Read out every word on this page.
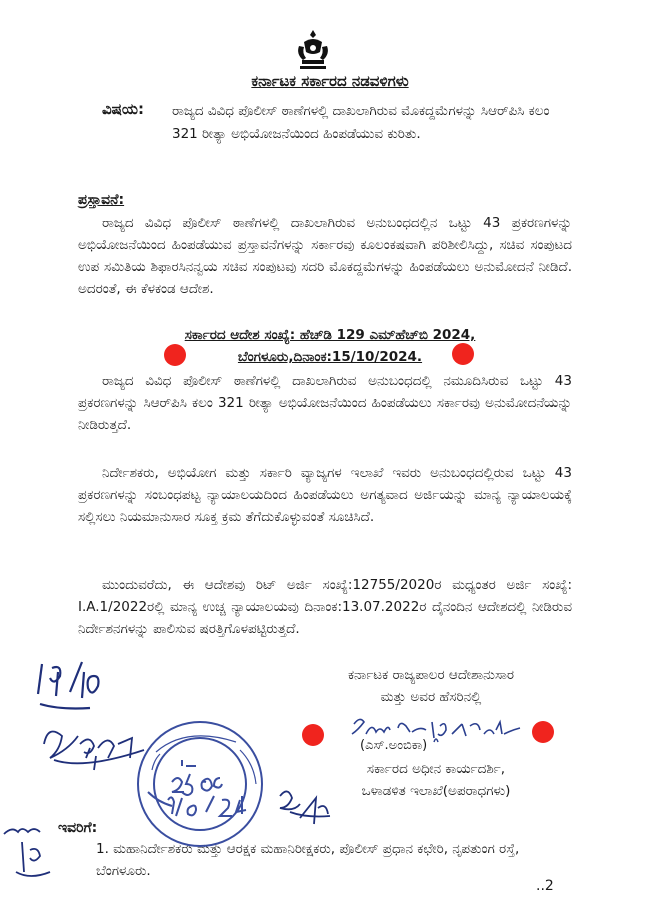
ಕರ್ನಾಟಕ ಸರ್ಕಾರದ ನಡವಳಿಗಳು
ವಿಷಯ: ರಾಜ್ಯದ ವಿವಿಧ ಪೊಲೀಸ್ ಠಾಣೆಗಳಲ್ಲಿ ದಾಖಲಾಗಿರುವ ಮೊಕದ್ದಮೆಗಳನ್ನು ಸಿಆರ್‌ಪಿಸಿ ಕಲಂ 321 ರೀತ್ಯಾ ಅಭಿಯೋಜನೆಯಿಂದ ಹಿಂಪಡೆಯುವ ಕುರಿತು.
ಪ್ರಸ್ತಾವನೆ:
ರಾಜ್ಯದ ವಿವಿಧ ಪೊಲೀಸ್ ಠಾಣೆಗಳಲ್ಲಿ ದಾಖಲಾಗಿರುವ ಅನುಬಂಧದಲ್ಲಿನ ಒಟ್ಟು 43 ಪ್ರಕರಣಗಳನ್ನು ಅಭಿಯೋಜನೆಯಿಂದ ಹಿಂಪಡೆಯುವ ಪ್ರಸ್ತಾವನೆಗಳನ್ನು ಸರ್ಕಾರವು ಕೂಲಂಕಷವಾಗಿ ಪರಿಶೀಲಿಸಿದ್ದು, ಸಚಿವ ಸಂಪುಟದ ಉಪ ಸಮಿತಿಯ ಶಿಫಾರಸಿನನ್ವಯ ಸಚಿವ ಸಂಪುಟವು ಸದರಿ ಮೊಕದ್ದಮೆಗಳನ್ನು ಹಿಂಪಡೆಯಲು ಅನುಮೋದನೆ ನೀಡಿದೆ. ಅದರಂತೆ, ಈ ಕೆಳಕಂಡ ಆದೇಶ.
ಸರ್ಕಾರದ ಆದೇಶ ಸಂಖ್ಯೆ: ಹೆಚ್‌ಡಿ 129 ಎಮ್‌ಹೆಚ್‌ಬಿ 2024,
ಬೆಂಗಳೂರು,ದಿನಾಂಕ:15/10/2024.
ರಾಜ್ಯದ ವಿವಿಧ ಪೊಲೀಸ್ ಠಾಣೆಗಳಲ್ಲಿ ದಾಖಲಾಗಿರುವ ಅನುಬಂಧದಲ್ಲಿ ನಮೂದಿಸಿರುವ ಒಟ್ಟು 43 ಪ್ರಕರಣಗಳನ್ನು ಸಿಆರ್‌ಪಿಸಿ ಕಲಂ 321 ರೀತ್ಯಾ ಅಭಿಯೋಜನೆಯಿಂದ ಹಿಂಪಡೆಯಲು ಸರ್ಕಾರವು ಅನುಮೋದನೆಯನ್ನು ನೀಡಿರುತ್ತದೆ.
ನಿರ್ದೇಶಕರು, ಅಭಿಯೋಗ ಮತ್ತು ಸರ್ಕಾರಿ ವ್ಯಾಜ್ಯಗಳ ಇಲಾಖೆ ಇವರು ಅನುಬಂಧದಲ್ಲಿರುವ ಒಟ್ಟು 43 ಪ್ರಕರಣಗಳನ್ನು ಸಂಬಂಧಪಟ್ಟ ನ್ಯಾಯಾಲಯದಿಂದ ಹಿಂಪಡೆಯಲು ಅಗತ್ಯವಾದ ಅರ್ಜಿಯನ್ನು ಮಾನ್ಯ ನ್ಯಾಯಾಲಯಕ್ಕೆ ಸಲ್ಲಿಸಲು ನಿಯಮಾನುಸಾರ ಸೂಕ್ತ ಕ್ರಮ ತೆಗೆದುಕೊಳ್ಳುವಂತೆ ಸೂಚಿಸಿದೆ.
ಮುಂದುವರೆದು, ಈ ಆದೇಶವು ರಿಟ್ ಅರ್ಜಿ ಸಂಖ್ಯೆ:12755/2020ರ ಮಧ್ಯಂತರ ಅರ್ಜಿ ಸಂಖ್ಯೆ: I.A.1/2022ರಲ್ಲಿ ಮಾನ್ಯ ಉಚ್ಚ ನ್ಯಾಯಾಲಯವು ದಿನಾಂಕ:13.07.2022ರ ದೈನಂದಿನ ಆದೇಶದಲ್ಲಿ ನೀಡಿರುವ ನಿರ್ದೇಶನಗಳನ್ನು ಪಾಲಿಸುವ ಷರತ್ತಿಗೊಳಪಟ್ಟಿರುತ್ತದೆ.
ಕರ್ನಾಟಕ ರಾಜ್ಯಪಾಲರ ಆದೇಶಾನುಸಾರ
ಮತ್ತು ಅವರ ಹೆಸರಿನಲ್ಲಿ
(ಎಸ್.ಅಂಬಿಕಾ)
ಸರ್ಕಾರದ ಅಧೀನ ಕಾರ್ಯದರ್ಶಿ,
ಒಳಾಡಳಿತ ಇಲಾಖೆ(ಅಪರಾಧಗಳು)
ಇವರಿಗೆ:
1. ಮಹಾನಿರ್ದೇಶಕರು ಮತ್ತು ಆರಕ್ಷಕ ಮಹಾನಿರೀಕ್ಷಕರು, ಪೊಲೀಸ್ ಪ್ರಧಾನ ಕಛೇರಿ, ನೃಪತುಂಗ ರಸ್ತೆ, ಬೆಂಗಳೂರು.
..2
